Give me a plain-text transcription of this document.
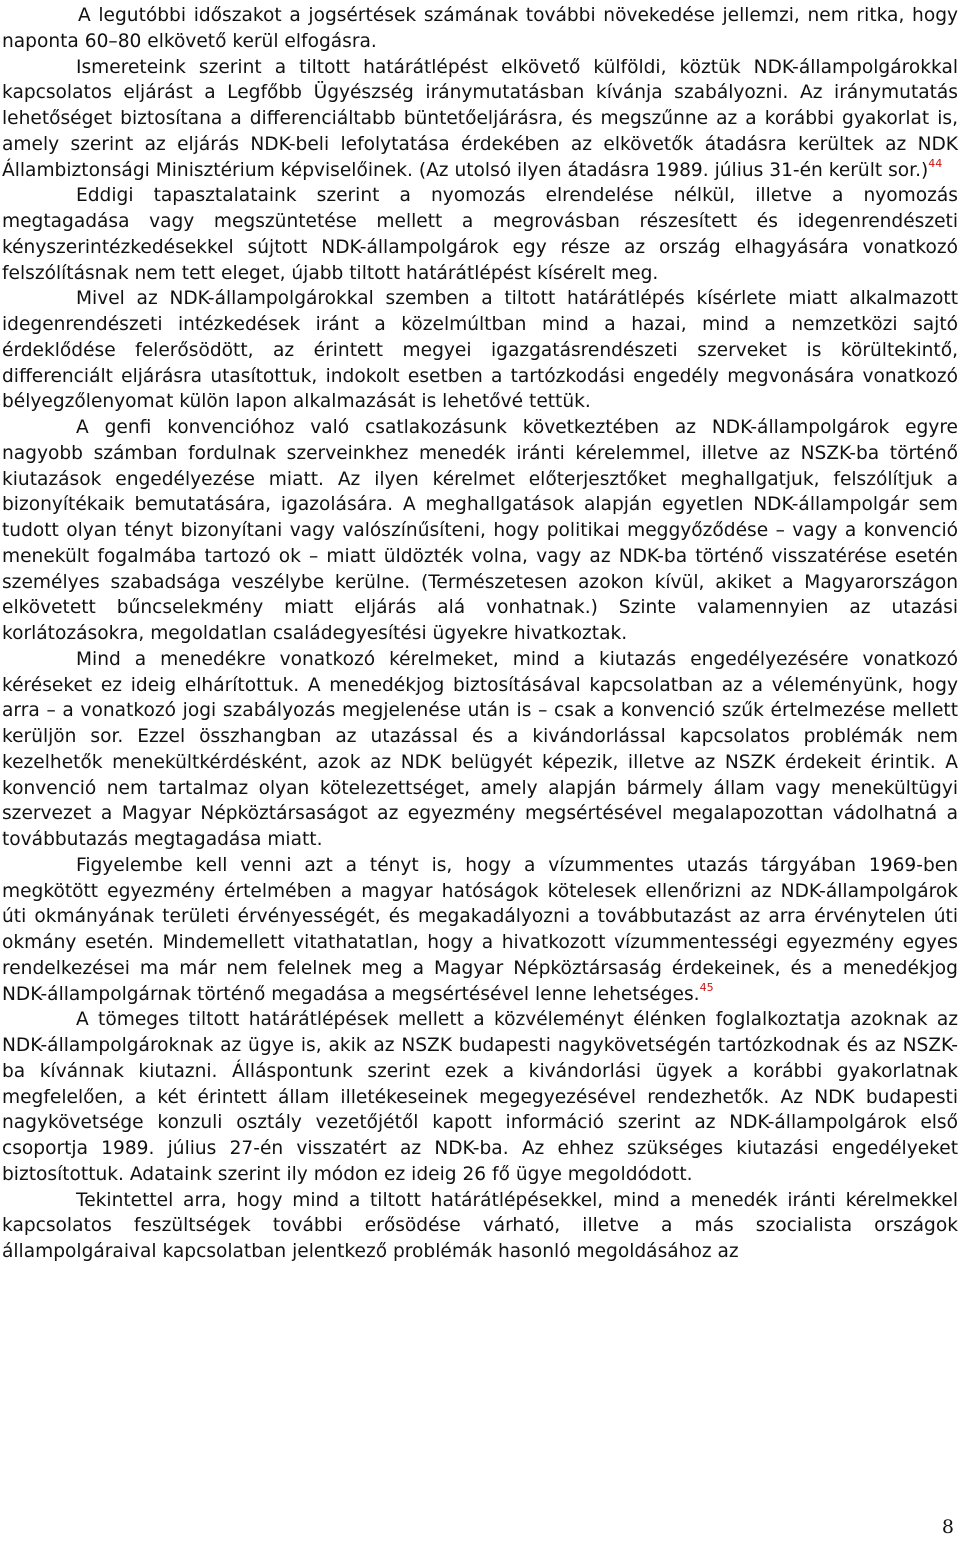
A legutóbbi időszakot a jogsértések számának további növekedése jellemzi, nem ritka, hogy naponta 60–80 elkövető kerül elfogásra.

Ismereteink szerint a tiltott határátlépést elkövető külföldi, köztük NDK-állampolgárokkal kapcsolatos eljárást a Legfőbb Ügyészség iránymutatásban kívánja szabályozni. Az iránymutatás lehetőséget biztosítana a differenciáltabb büntetőeljárásra, és megszűnne az a korábbi gyakorlat is, amely szerint az eljárás NDK-beli lefolytatása érdekében az elkövetők átadásra kerültek az NDK Állambiztonsági Minisztérium képviselőinek. (Az utolsó ilyen átadásra 1989. július 31-én került sor.)$^{44}$

Eddigi tapasztalataink szerint a nyomozás elrendelése nélkül, illetve a nyomozás megtagadása vagy megszüntetése mellett a megrovásban részesített és idegenrendészeti kényszerintézkedésekkel sújtott NDK-állampolgárok egy része az ország elhagyására vonatkozó felszólításnak nem tett eleget, újabb tiltott határátlépést kísérelt meg.

Mivel az NDK-állampolgárokkal szemben a tiltott határátlépés kísérlete miatt alkalmazott idegenrendészeti intézkedések iránt a közelmúltban mind a hazai, mind a nemzetközi sajtó érdeklődése felerősödött, az érintett megyei igazgatásrendészeti szerveket is körültekintő, differenciált eljárásra utasítottuk, indokolt esetben a tartózkodási engedély megvonására vonatkozó bélyegzőlenyomat külön lapon alkalmazását is lehetővé tettük.

A genfi konvencióhoz való csatlakozásunk következtében az NDK-állampolgárok egyre nagyobb számban fordulnak szerveinkhez menedék iránti kérelemmel, illetve az NSZK-ba történő kiutazások engedélyezése miatt. Az ilyen kérelmet előterjesztőket meghallgatjuk, felszólítjuk a bizonyítékaik bemutatására, igazolására. A meghallgatások alapján egyetlen NDK-állampolgár sem tudott olyan tényt bizonyítani vagy valószínűsíteni, hogy politikai meggyőződése – vagy a konvenció menekült fogalmába tartozó ok – miatt üldözték volna, vagy az NDK-ba történő visszatérése esetén személyes szabadsága veszélybe kerülne. (Természetesen azokon kívül, akiket a Magyarországon elkövetett bűncselekmény miatt eljárás alá vonhatnak.) Szinte valamennyien az utazási korlátozásokra, megoldatlan családegyesítési ügyekre hivatkoztak.

Mind a menedékre vonatkozó kérelmeket, mind a kiutazás engedélyezésére vonatkozó kéréseket ez ideig elhárítottuk. A menedékjog biztosításával kapcsolatban az a véleményünk, hogy arra – a vonatkozó jogi szabályozás megjelenése után is – csak a konvenció szűk értelmezése mellett kerüljön sor. Ezzel összhangban az utazással és a kivándorlással kapcsolatos problémák nem kezelhetők menekültkérdésként, azok az NDK belügyét képezik, illetve az NSZK érdekeit érintik. A konvenció nem tartalmaz olyan kötelezettséget, amely alapján bármely állam vagy menekültügyi szervezet a Magyar Népköztársaságot az egyezmény megsértésével megalapozottan vádolhatná a továbbutazás megtagadása miatt.

Figyelembe kell venni azt a tényt is, hogy a vízummentes utazás tárgyában 1969-ben megkötött egyezmény értelmében a magyar hatóságok kötelesek ellenőrizni az NDK-állampolgárok úti okmányának területi érvényességét, és megakadályozni a továbbutazást az arra érvénytelen úti okmány esetén. Mindemellett vitathatatlan, hogy a hivatkozott vízummentességi egyezmény egyes rendelkezései ma már nem felelnek meg a Magyar Népköztársaság érdekeinek, és a menedékjog NDK-állampolgárnak történő megadása a megsértésével lenne lehetséges.$^{45}$

A tömeges tiltott határátlépések mellett a közvéleményt élénken foglalkoztatja azoknak az NDK-állampolgároknak az ügye is, akik az NSZK budapesti nagykövetségén tartózkodnak és az NSZK-ba kívánnak kiutazni. Álláspontunk szerint ezek a kivándorlási ügyek a korábbi gyakorlatnak megfelelően, a két érintett állam illetékeseinek megegyezésével rendezhetők. Az NDK budapesti nagykövetsége konzuli osztály vezetőjétől kapott információ szerint az NDK-állampolgárok első csoportja 1989. július 27-én visszatért az NDK-ba. Az ehhez szükséges kiutazási engedélyeket biztosítottuk. Adataink szerint ily módon ez ideig 26 fő ügye megoldódott.

Tekintettel arra, hogy mind a tiltott határátlépésekkel, mind a menedék iránti kérelmekkel kapcsolatos feszültségek további erősödése várható, illetve a más szocialista országok állampolgáraival kapcsolatban jelentkező problémák hasonló megoldásához az

8
